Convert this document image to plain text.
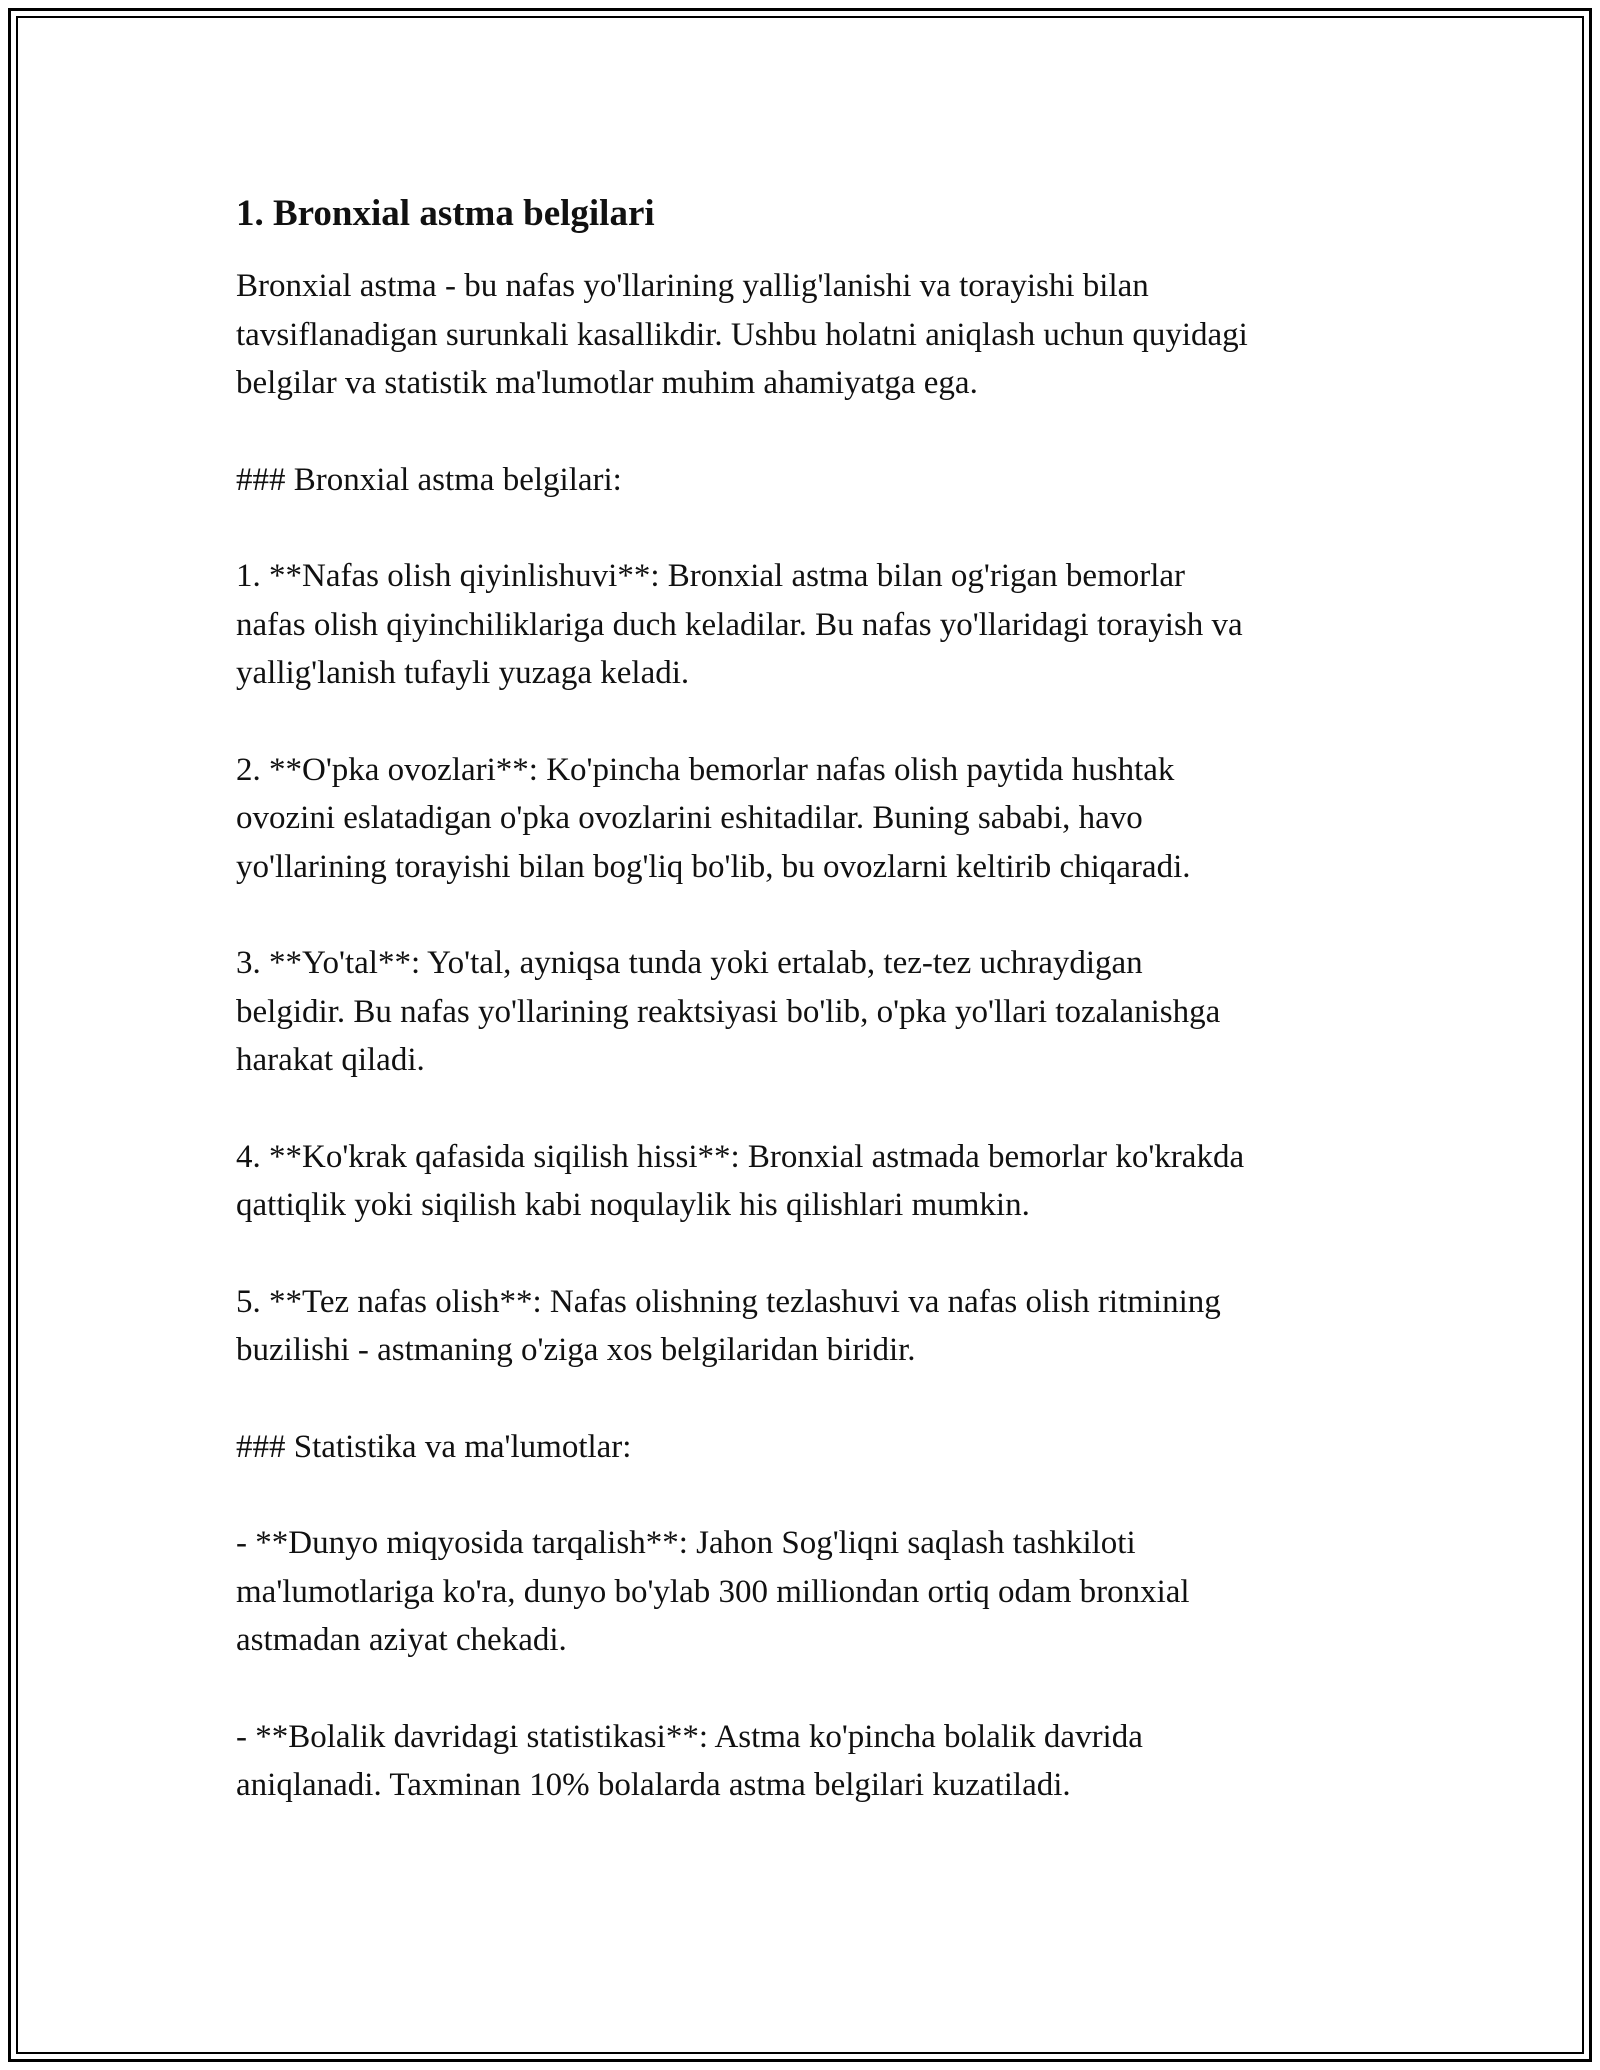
1. Bronxial astma belgilari

Bronxial astma - bu nafas yo'llarining yallig'lanishi va torayishi bilan
tavsiflanadigan surunkali kasallikdir. Ushbu holatni aniqlash uchun quyidagi
belgilar va statistik ma'lumotlar muhim ahamiyatga ega.

### Bronxial astma belgilari:

1. **Nafas olish qiyinlishuvi**: Bronxial astma bilan og'rigan bemorlar
nafas olish qiyinchiliklariga duch keladilar. Bu nafas yo'llaridagi torayish va
yallig'lanish tufayli yuzaga keladi.

2. **O'pka ovozlari**: Ko'pincha bemorlar nafas olish paytida hushtak
ovozini eslatadigan o'pka ovozlarini eshitadilar. Buning sababi, havo
yo'llarining torayishi bilan bog'liq bo'lib, bu ovozlarni keltirib chiqaradi.

3. **Yo'tal**: Yo'tal, ayniqsa tunda yoki ertalab, tez-tez uchraydigan
belgidir. Bu nafas yo'llarining reaktsiyasi bo'lib, o'pka yo'llari tozalanishga
harakat qiladi.

4. **Ko'krak qafasida siqilish hissi**: Bronxial astmada bemorlar ko'krakda
qattiqlik yoki siqilish kabi noqulaylik his qilishlari mumkin.

5. **Tez nafas olish**: Nafas olishning tezlashuvi va nafas olish ritmining
buzilishi - astmaning o'ziga xos belgilaridan biridir.

### Statistika va ma'lumotlar:

- **Dunyo miqyosida tarqalish**: Jahon Sog'liqni saqlash tashkiloti
ma'lumotlariga ko'ra, dunyo bo'ylab 300 milliondan ortiq odam bronxial
astmadan aziyat chekadi.

- **Bolalik davridagi statistikasi**: Astma ko'pincha bolalik davrida
aniqlanadi. Taxminan 10% bolalarda astma belgilari kuzatiladi.
